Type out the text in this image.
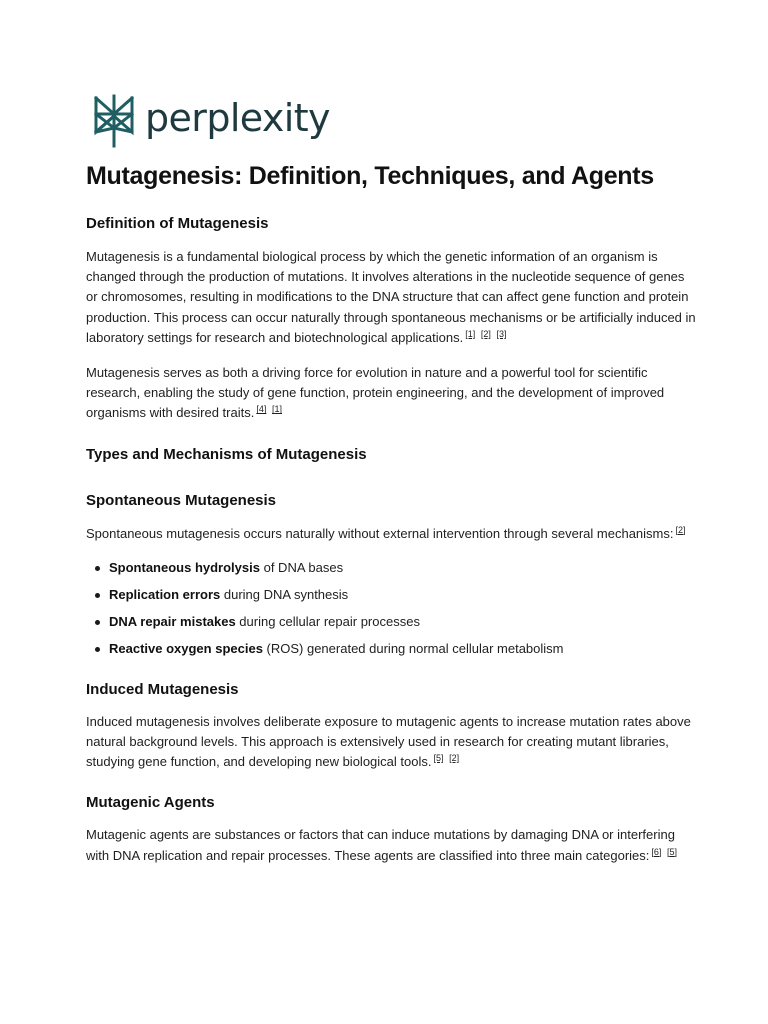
perplexity
Mutagenesis: Definition, Techniques, and Agents
Definition of Mutagenesis

Mutagenesis is a fundamental biological process by which the genetic information of an organism is changed through the production of mutations. It involves alterations in the nucleotide sequence of genes or chromosomes, resulting in modifications to the DNA structure that can affect gene function and protein production. This process can occur naturally through spontaneous mechanisms or be artificially induced in laboratory settings for research and biotechnological applications. [1] [2] [3]

Mutagenesis serves as both a driving force for evolution in nature and a powerful tool for scientific research, enabling the study of gene function, protein engineering, and the development of improved organisms with desired traits. [4] [1]

Types and Mechanisms of Mutagenesis
Spontaneous Mutagenesis

Spontaneous mutagenesis occurs naturally without external intervention through several mechanisms: [2]

Spontaneous hydrolysis of DNA bases
Replication errors during DNA synthesis
DNA repair mistakes during cellular repair processes
Reactive oxygen species (ROS) generated during normal cellular metabolism
Induced Mutagenesis

Induced mutagenesis involves deliberate exposure to mutagenic agents to increase mutation rates above natural background levels. This approach is extensively used in research for creating mutant libraries, studying gene function, and developing new biological tools. [5] [2]

Mutagenic Agents

Mutagenic agents are substances or factors that can induce mutations by damaging DNA or interfering with DNA replication and repair processes. These agents are classified into three main categories: [6] [5]
